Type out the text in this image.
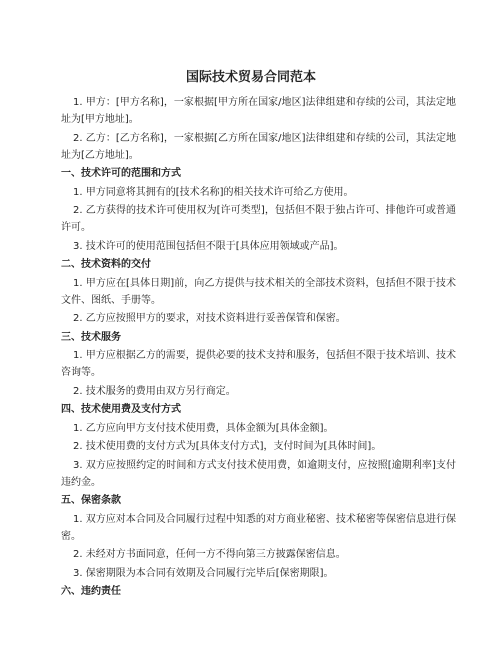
国际技术贸易合同范本

1. 甲方：[甲方名称]，一家根据[甲方所在国家/地区]法律组建和存续的公司，其法定地址为[甲方地址]。

2. 乙方：[乙方名称]，一家根据[乙方所在国家/地区]法律组建和存续的公司，其法定地址为[乙方地址]。

一、技术许可的范围和方式

1. 甲方同意将其拥有的[技术名称]的相关技术许可给乙方使用。

2. 乙方获得的技术许可使用权为[许可类型]，包括但不限于独占许可、排他许可或普通许可。

3. 技术许可的使用范围包括但不限于[具体应用领域或产品]。

二、技术资料的交付

1. 甲方应在[具体日期]前，向乙方提供与技术相关的全部技术资料，包括但不限于技术文件、图纸、手册等。

2. 乙方应按照甲方的要求，对技术资料进行妥善保管和保密。

三、技术服务

1. 甲方应根据乙方的需要，提供必要的技术支持和服务，包括但不限于技术培训、技术咨询等。

2. 技术服务的费用由双方另行商定。

四、技术使用费及支付方式

1. 乙方应向甲方支付技术使用费，具体金额为[具体金额]。

2. 技术使用费的支付方式为[具体支付方式]，支付时间为[具体时间]。

3. 双方应按照约定的时间和方式支付技术使用费，如逾期支付，应按照[逾期利率]支付违约金。

五、保密条款

1. 双方应对本合同及合同履行过程中知悉的对方商业秘密、技术秘密等保密信息进行保密。

2. 未经对方书面同意，任何一方不得向第三方披露保密信息。

3. 保密期限为本合同有效期及合同履行完毕后[保密期限]。

六、违约责任
